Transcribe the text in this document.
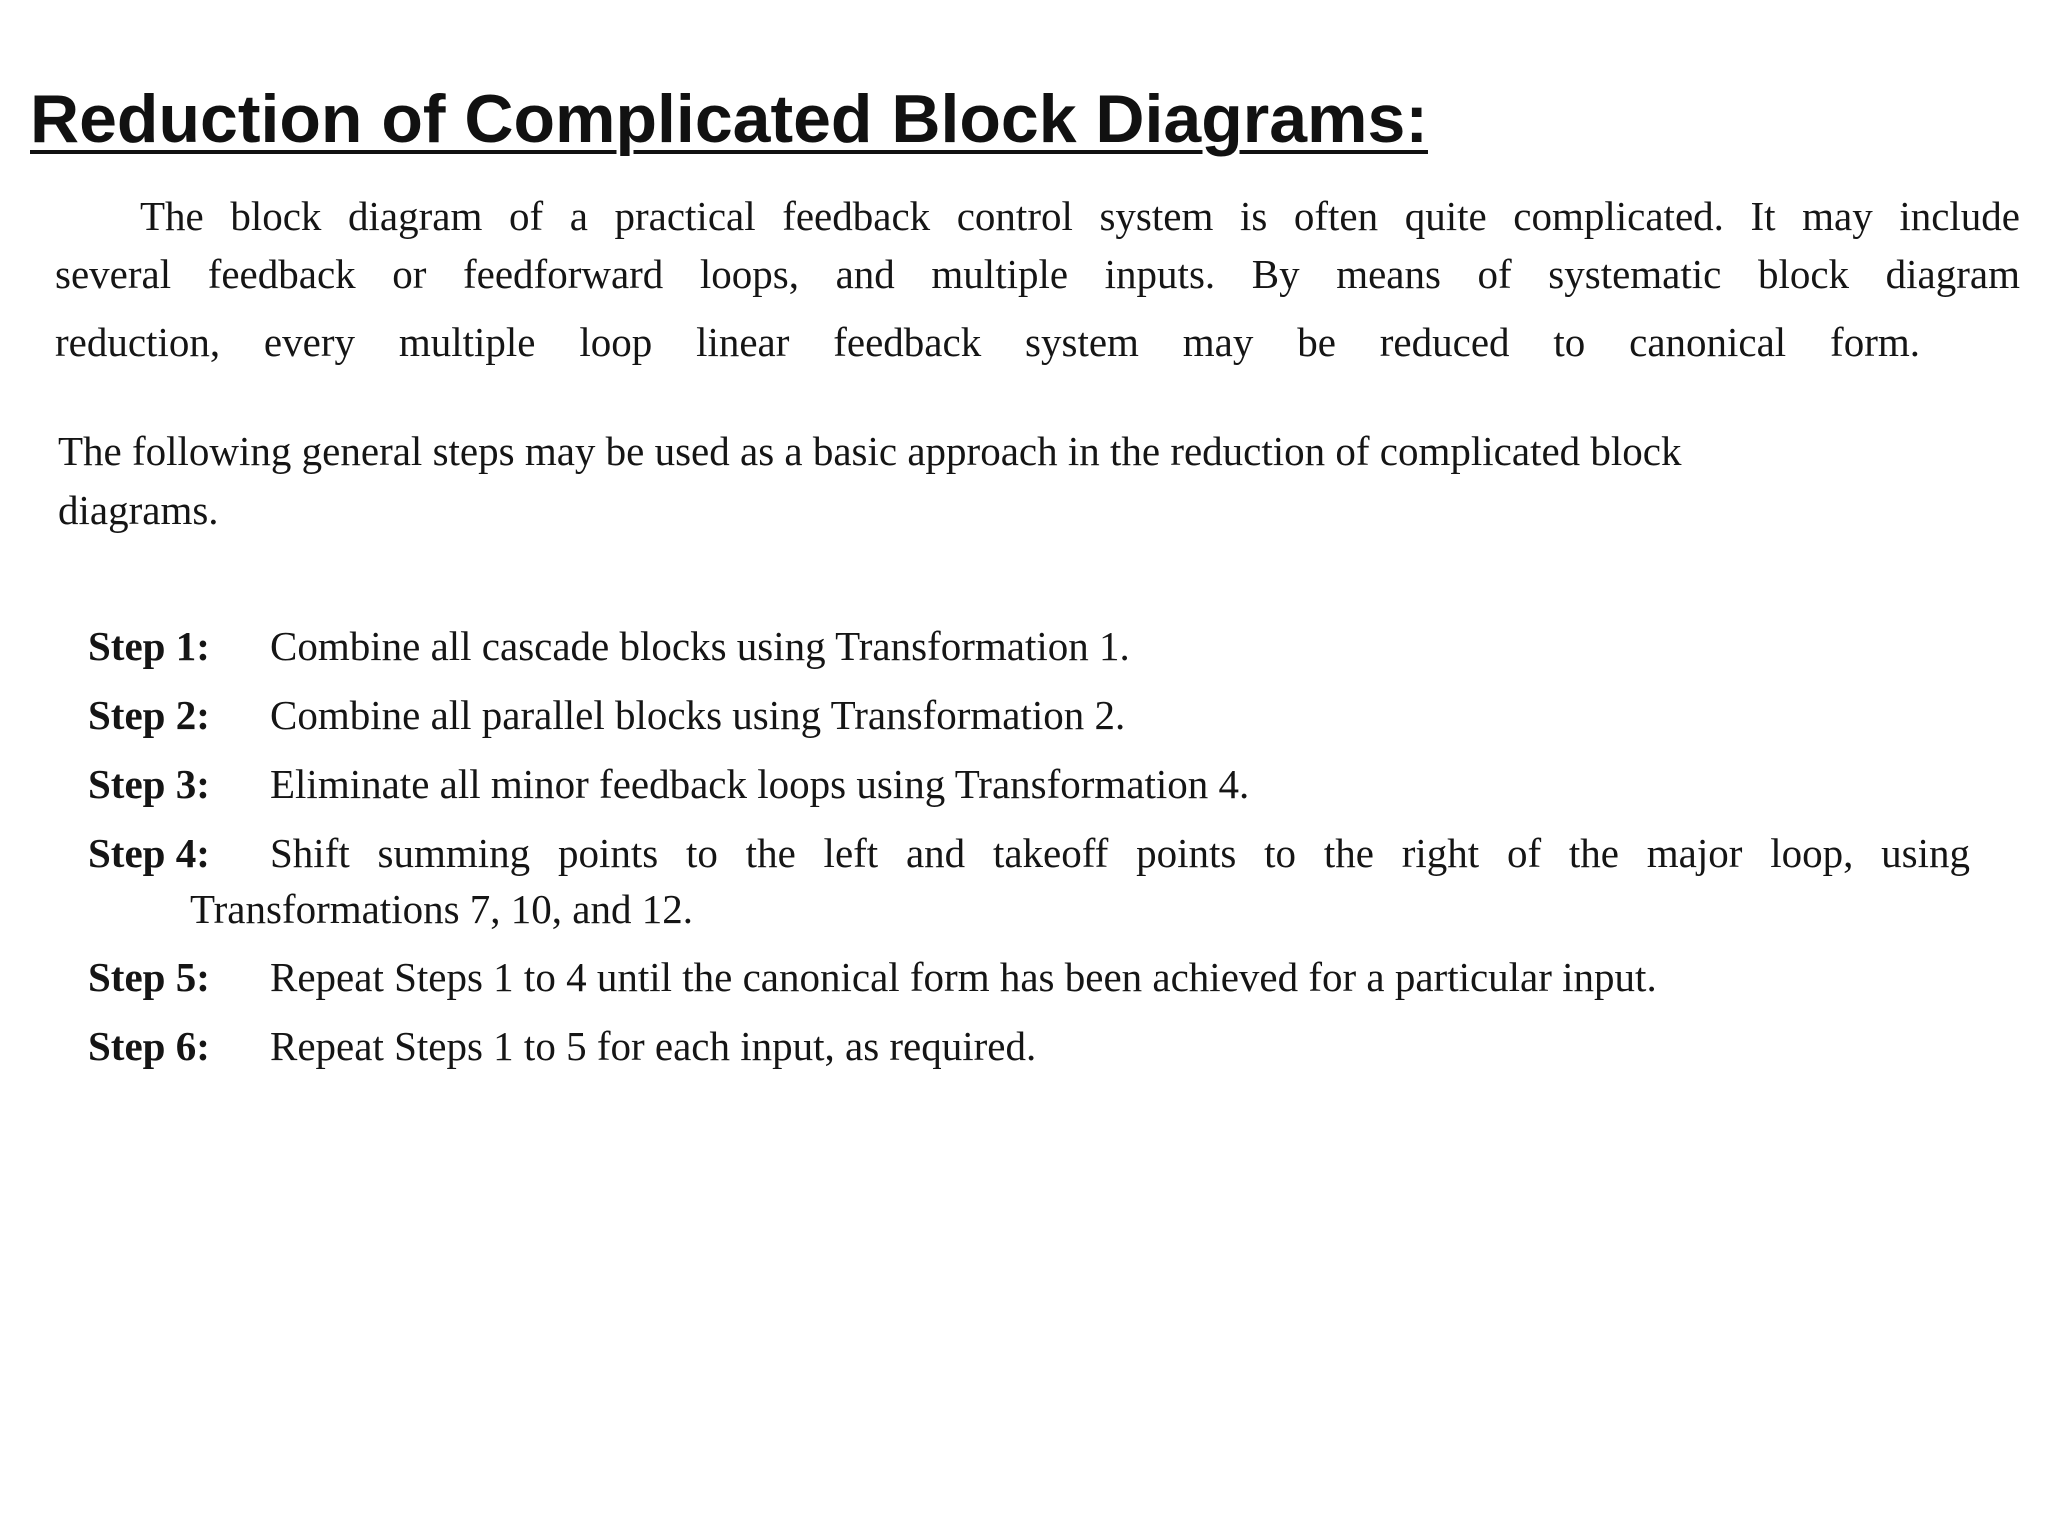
Reduction of Complicated Block Diagrams:

The block diagram of a practical feedback control system is often quite complicated. It may include

several feedback or feedforward loops, and multiple inputs. By means of systematic block diagram

reduction, every multiple loop linear feedback system may be reduced to canonical form.

The following general steps may be used as a basic approach in the reduction of complicated block

diagrams.

Step 1: Combine all cascade blocks using Transformation 1.
Step 2: Combine all parallel blocks using Transformation 2.
Step 3: Eliminate all minor feedback loops using Transformation 4.
Step 4: Shift summing points to the left and takeoff points to the right of the major loop, using
Transformations 7, 10, and 12.
Step 5: Repeat Steps 1 to 4 until the canonical form has been achieved for a particular input.
Step 6: Repeat Steps 1 to 5 for each input, as required.
